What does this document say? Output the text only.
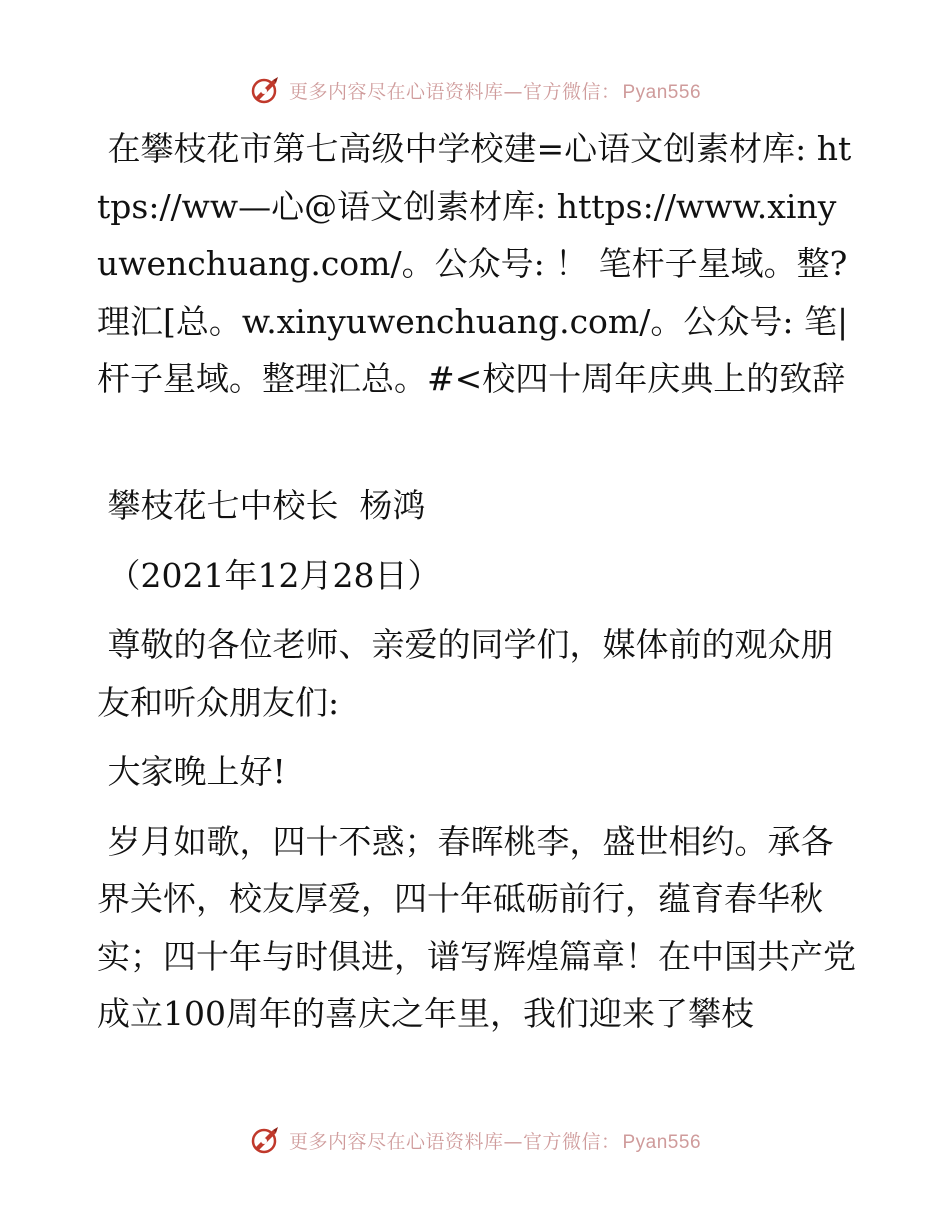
更多内容尽在心语资料库—官方微信： Pyan556

在攀枝花市第七高级中学校建=心语文创素材库: https://ww—心@语文创素材库: https://www.xinyuwenchuang.com/。公众号: ！ 笔杆子星域。整?理汇[总。w.xinyuwenchuang.com/。公众号: 笔|杆子星域。整理汇总。#<校四十周年庆典上的致辞

攀枝花七中校长  杨鸿

（2021年12月28日）

尊敬的各位老师、亲爱的同学们，媒体前的观众朋友和听众朋友们:

大家晚上好!

岁月如歌，四十不惑；春晖桃李，盛世相约。承各界关怀，校友厚爱，四十年砥砺前行，蕴育春华秋实；四十年与时俱进，谱写辉煌篇章！在中国共产党成立100周年的喜庆之年里，我们迎来了攀枝

更多内容尽在心语资料库—官方微信： Pyan556
